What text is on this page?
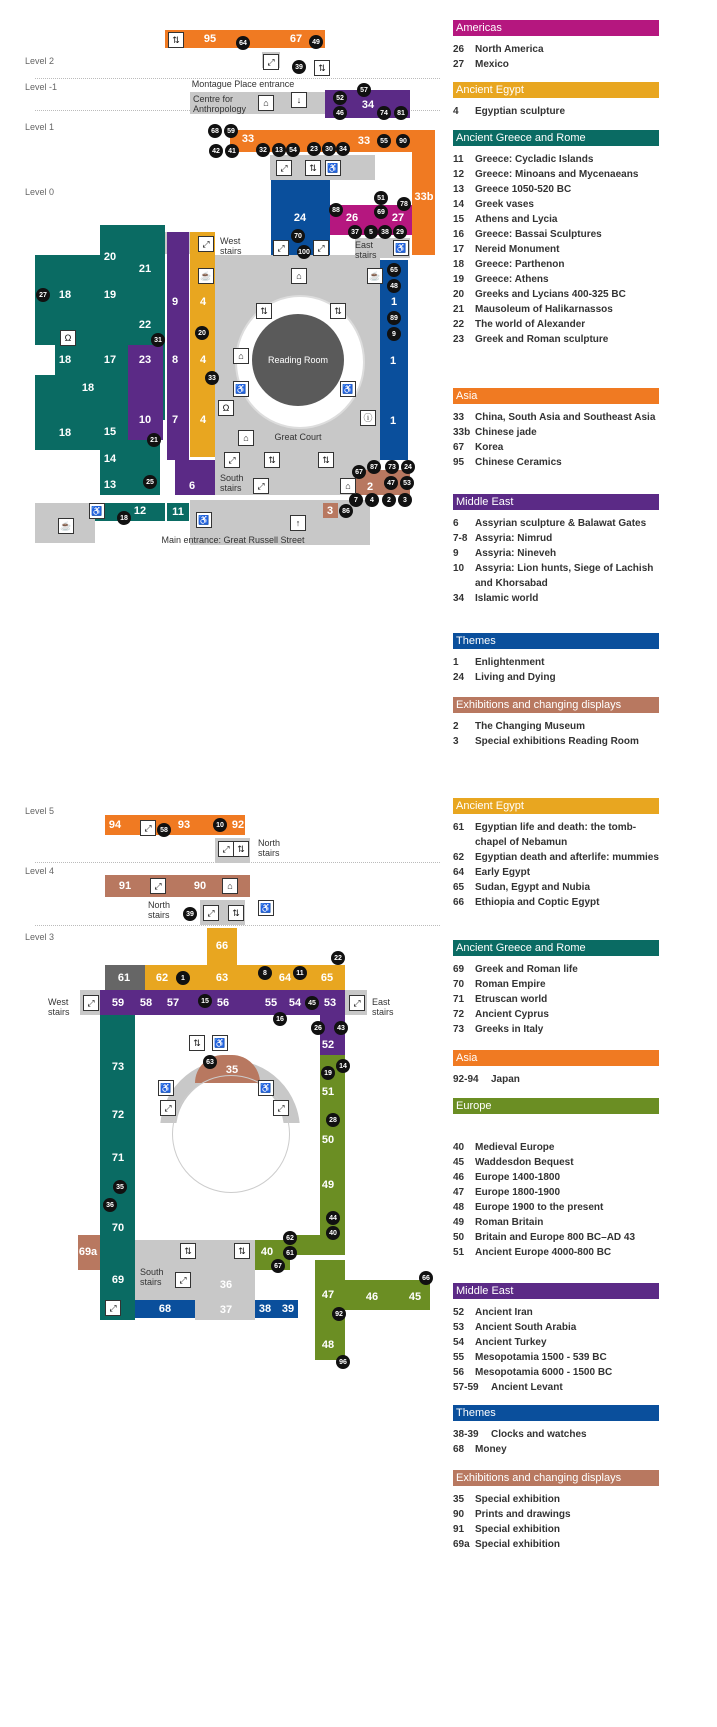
95	67
34
33	33
33b
24	26	27
20
21
18	19
22
18	17 23
18
18	15
10
14
13
12 11
9
8
7
4
4
4
6
1
1
1
2
3
94	93	92
91	90
66
61 62	63	64	65
59 58 57	56	55 54 53
73
72
71
70
69
69a
52
51
50
49
35
36
37
68	38 39
40
47	46	45
48
64	49
39
57
52
46	74	81
68	59
42	41	32	13 54	23	30 34
55	90
88
51
69
78
37	5	38	29
70
100
65
48
89
9
27
31
21
20
33
25
18
67
87	73	24
47	53
7	4	2	3
86
58
10
39
1
8	11
22
15
16
45
26	43
19
14
28
44
40
35
36
63
62
61
67
92
96
66
Level 2
Level -1
Level 1
Level 0
Level 5
Level 4
Level 3
Montague Place entrance
Centre for Anthropology
West stairs
East stairs
Reading Room
Great Court
South stairs
Main entrance: Great Russell Street
North stairs
North stairs
West stairs
East stairs
South stairs
⇅
⤢
⇅
⌂	↓
⤢	⇅	♿
⤢	⤢	⤢	♿
☕
☕	⌂
⇅	⇅
⌂
♿	♿
ⓘ
Ω
⌂
⇅	⇅
⤢
⌂
⤢
☕
♿
♿	↑
Ω
⤢
⤢ ⇅
⤢	⌂
⤢	⇅	♿
⤢	⤢
⇅	♿
♿	♿
⤢
⤢
⇅	⇅
⤢
⤢
Americas
26	North America
27	Mexico
Ancient Egypt
4	Egyptian sculpture
Ancient Greece and Rome
11	Greece: Cycladic Islands
12	Greece: Minoans and Mycenaeans
13	Greece 1050-520 BC
14	Greek vases
15	Athens and Lycia
16	Greece: Bassai Sculptures
17	Nereid Monument
18	Greece: Parthenon
19	Greece: Athens
20	Greeks and Lycians 400-325 BC
21	Mausoleum of Halikarnassos
22	The world of Alexander
23	Greek and Roman sculpture
Asia
33	China, South Asia and Southeast Asia
33b Chinese jade
67	Korea
95	Chinese Ceramics
Middle East
6	Assyrian sculpture & Balawat Gates
7-8 Assyria: Nimrud
9	Assyria: Nineveh
10	Assyria: Lion hunts, Siege of Lachish and Khorsabad
34	Islamic world
Themes
1	Enlightenment
24	Living and Dying
Exhibitions and changing displays
2	The Changing Museum
3	Special exhibitions Reading Room
Ancient Egypt
61	Egyptian life and death: the tomb-chapel of Nebamun
62	Egyptian death and afterlife: mummies
64	Early Egypt
65	Sudan, Egypt and Nubia
66	Ethiopia and Coptic Egypt
Ancient Greece and Rome
69	Greek and Roman life
70	Roman Empire
71	Etruscan world
72	Ancient Cyprus
73	Greeks in Italy
Asia
92-94	Japan
Europe
40	Medieval Europe
45	Waddesdon Bequest
46	Europe 1400-1800
47	Europe 1800-1900
48	Europe 1900 to the present
49	Roman Britain
50	Britain and Europe 800 BC–AD 43
51	Ancient Europe 4000-800 BC
Middle East
52	Ancient Iran
53	Ancient South Arabia
54	Ancient Turkey
55	Mesopotamia 1500 - 539 BC
56	Mesopotamia 6000 - 1500 BC
57-59	Ancient Levant
Themes
38-39	Clocks and watches
68	Money
Exhibitions and changing displays
35	Special exhibition
90	Prints and drawings
91	Special exhibition
69a Special exhibition
